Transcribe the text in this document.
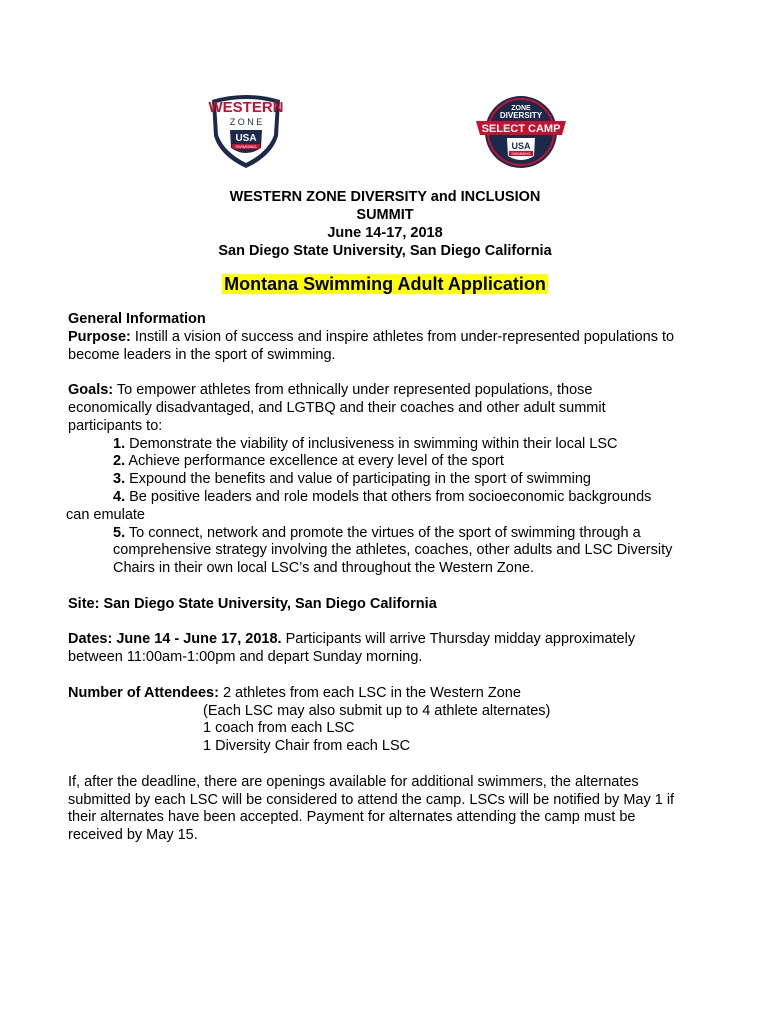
WESTERN
Z O N E
USA
SWIMMING
ZONE
DIVERSITY
SELECT CAMP
USA
SWIMMING
WESTERN ZONE DIVERSITY and INCLUSION
SUMMIT
June 14-17, 2018
San Diego State University, San Diego California
Montana Swimming Adult Application

General Information

Purpose: Instill a vision of success and inspire athletes from under-represented populations to

become leaders in the sport of swimming.

Goals: To empower athletes from ethnically under represented populations, those

economically disadvantaged, and LGTBQ and their coaches and other adult summit

participants to:

1. Demonstrate the viability of inclusiveness in swimming within their local LSC

2. Achieve performance excellence at every level of the sport

3. Expound the benefits and value of participating in the sport of swimming

4. Be positive leaders and role models that others from socioeconomic backgrounds

can emulate

5. To connect, network and promote the virtues of the sport of swimming through a

comprehensive strategy involving the athletes, coaches, other adults and LSC Diversity

Chairs in their own local LSC’s and throughout the Western Zone.

Site: San Diego State University, San Diego California

Dates: June 14 - June 17, 2018. Participants will arrive Thursday midday approximately

between 11:00am-1:00pm and depart Sunday morning.

Number of Attendees: 2 athletes from each LSC in the Western Zone

(Each LSC may also submit up to 4 athlete alternates)

1 coach from each LSC

1 Diversity Chair from each LSC

If, after the deadline, there are openings available for additional swimmers, the alternates

submitted by each LSC will be considered to attend the camp. LSCs will be notified by May 1 if

their alternates have been accepted. Payment for alternates attending the camp must be

received by May 15.
